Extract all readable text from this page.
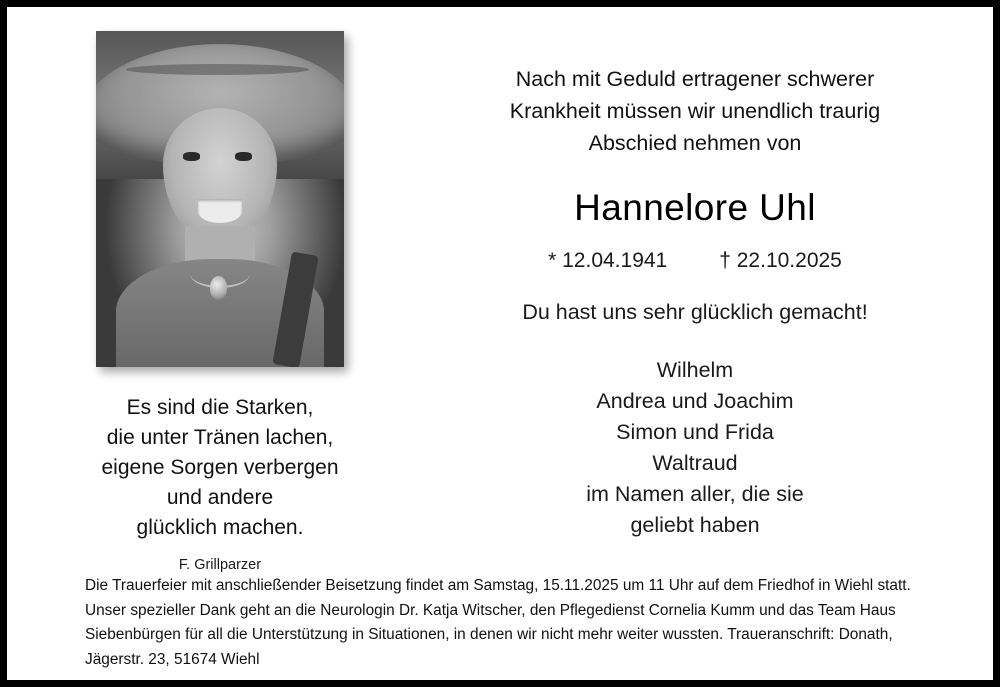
Es sind die Starken,
die unter Tränen lachen,
eigene Sorgen verbergen
und andere
glücklich machen.
F. Grillparzer
Nach mit Geduld ertragener schwerer
Krankheit müssen wir unendlich traurig
Abschied nehmen von
Hannelore Uhl
* 12.04.1941 † 22.10.2025
Du hast uns sehr glücklich gemacht!
Wilhelm
Andrea und Joachim
Simon und Frida
Waltraud
im Namen aller, die sie
geliebt haben

Die Trauerfeier mit anschließender Beisetzung findet am Samstag, 15.11.2025 um 11 Uhr auf dem Friedhof in Wiehl statt. Unser spezieller Dank geht an die Neurologin Dr. Katja Witscher, den Pflegedienst Cornelia Kumm und das Team Haus Siebenbürgen für all die Unterstützung in Situationen, in denen wir nicht mehr weiter wussten. Traueranschrift: Donath, Jägerstr. 23, 51674 Wiehl
